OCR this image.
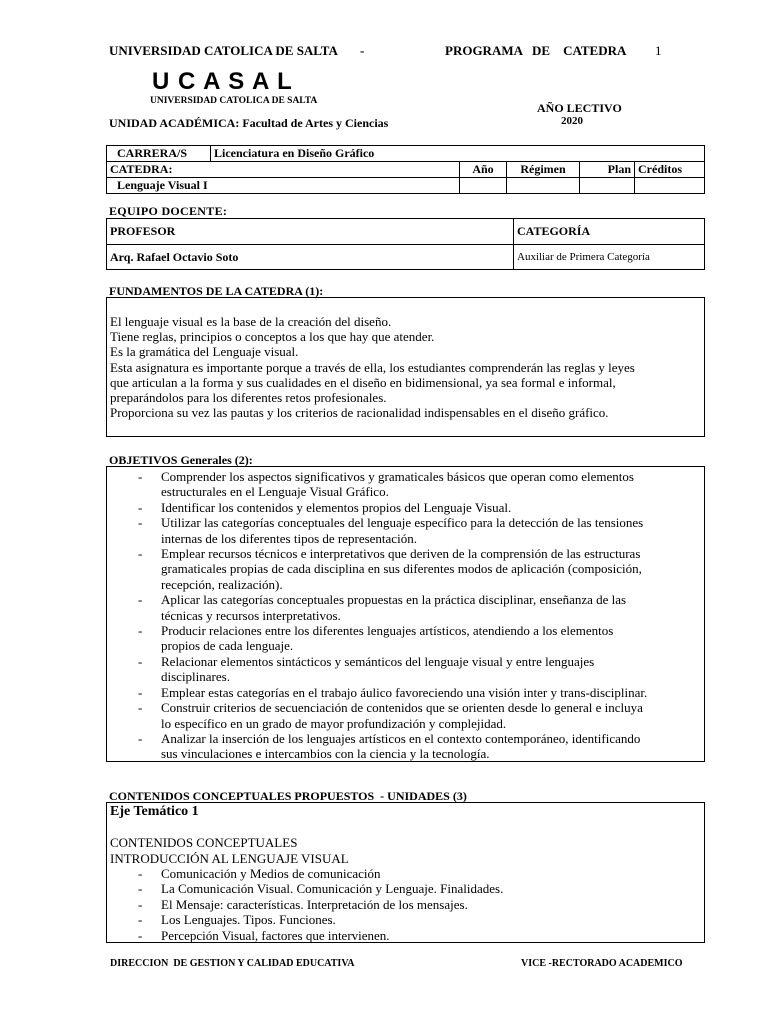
UNIVERSIDAD CATOLICA DE SALTA -	PROGRAMA   DE    CATEDRA 1
U C A S A L
UNIVERSIDAD CATOLICA DE SALTA	AÑO LECTIVO
2020
UNIDAD ACADÉMICA: Facultad de Artes y Ciencias
CARRERA/S	Licenciatura en Diseño Gráfico				
CATEDRA:		Año	Régimen	Plan	Créditos
Lenguaje Visual I					
EQUIPO DOCENTE:
PROFESOR	CATEGORÍA
Arq. Rafael Octavio Soto	Auxiliar de Primera Categoría
FUNDAMENTOS DE LA CATEDRA (1):
El lenguaje visual es la base de la creación del diseño.
Tiene reglas, principios o conceptos a los que hay que atender.
Es la gramática del Lenguaje visual.
Esta asignatura es importante porque a través de ella, los estudiantes comprenderán las reglas y leyes
que articulan a la forma y sus cualidades en el diseño en bidimensional, ya sea formal e informal,
preparándolos para los diferentes retos profesionales.
Proporciona su vez las pautas y los criterios de racionalidad indispensables en el diseño gráfico.
OBJETIVOS Generales (2):
- Comprender los aspectos significativos y gramaticales básicos que operan como elementos
estructurales en el Lenguaje Visual Gráfico.
- Identificar los contenidos y elementos propios del Lenguaje Visual.
- Utilizar las categorías conceptuales del lenguaje específico para la detección de las tensiones
internas de los diferentes tipos de representación.
- Emplear recursos técnicos e interpretativos que deriven de la comprensión de las estructuras
gramaticales propias de cada disciplina en sus diferentes modos de aplicación (composición,
recepción, realización).
- Aplicar las categorías conceptuales propuestas en la práctica disciplinar, enseñanza de las
técnicas y recursos interpretativos.
- Producir relaciones entre los diferentes lenguajes artísticos, atendiendo a los elementos
propios de cada lenguaje.
- Relacionar elementos sintácticos y semánticos del lenguaje visual y entre lenguajes
disciplinares.
- Emplear estas categorías en el trabajo áulico favoreciendo una visión inter y trans-disciplinar.
- Construir criterios de secuenciación de contenidos que se orienten desde lo general e incluya
lo específico en un grado de mayor profundización y complejidad.
- Analizar la inserción de los lenguajes artísticos en el contexto contemporáneo, identificando
sus vinculaciones e intercambios con la ciencia y la tecnología.
CONTENIDOS CONCEPTUALES PROPUESTOS  - UNIDADES (3)
Eje Temático 1
CONTENIDOS CONCEPTUALES
INTRODUCCIÓN AL LENGUAJE VISUAL
- Comunicación y Medios de comunicación
- La Comunicación Visual. Comunicación y Lenguaje. Finalidades.
- El Mensaje: características. Interpretación de los mensajes.
- Los Lenguajes. Tipos. Funciones.
- Percepción Visual, factores que intervienen.
DIRECCION  DE GESTION Y CALIDAD EDUCATIVA	VICE -RECTORADO ACADEMICO
